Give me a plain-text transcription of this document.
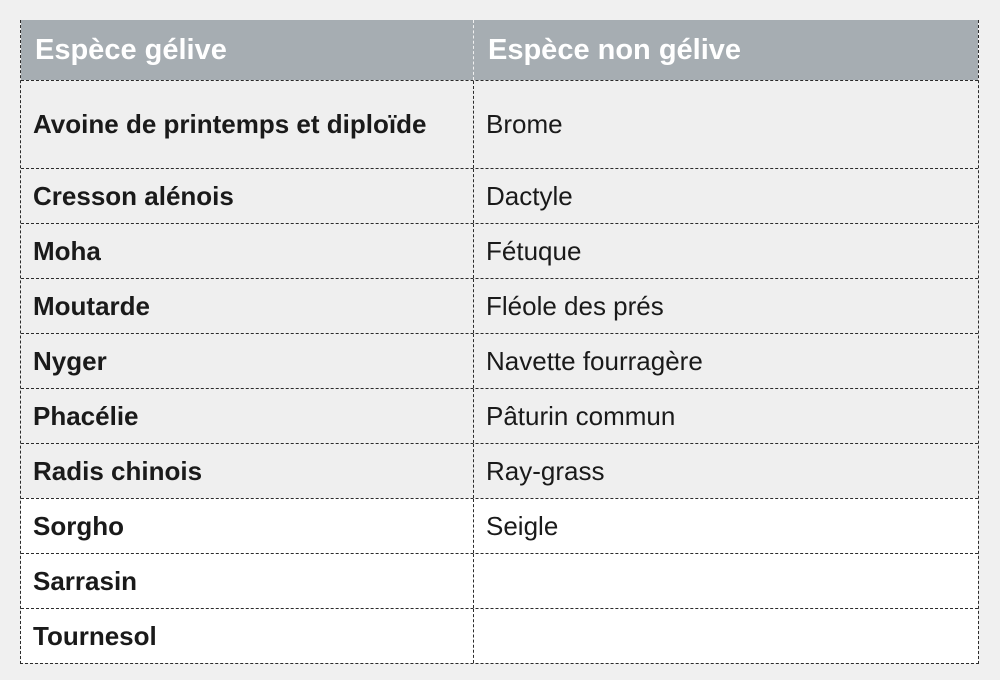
Espèce gélive	Espèce non gélive
Avoine de printemps et diploïde	Brome
Cresson alénois	Dactyle
Moha	Fétuque
Moutarde	Fléole des prés
Nyger	Navette fourragère
Phacélie	Pâturin commun
Radis chinois	Ray-grass
Sorgho	Seigle
Sarrasin
Tournesol
